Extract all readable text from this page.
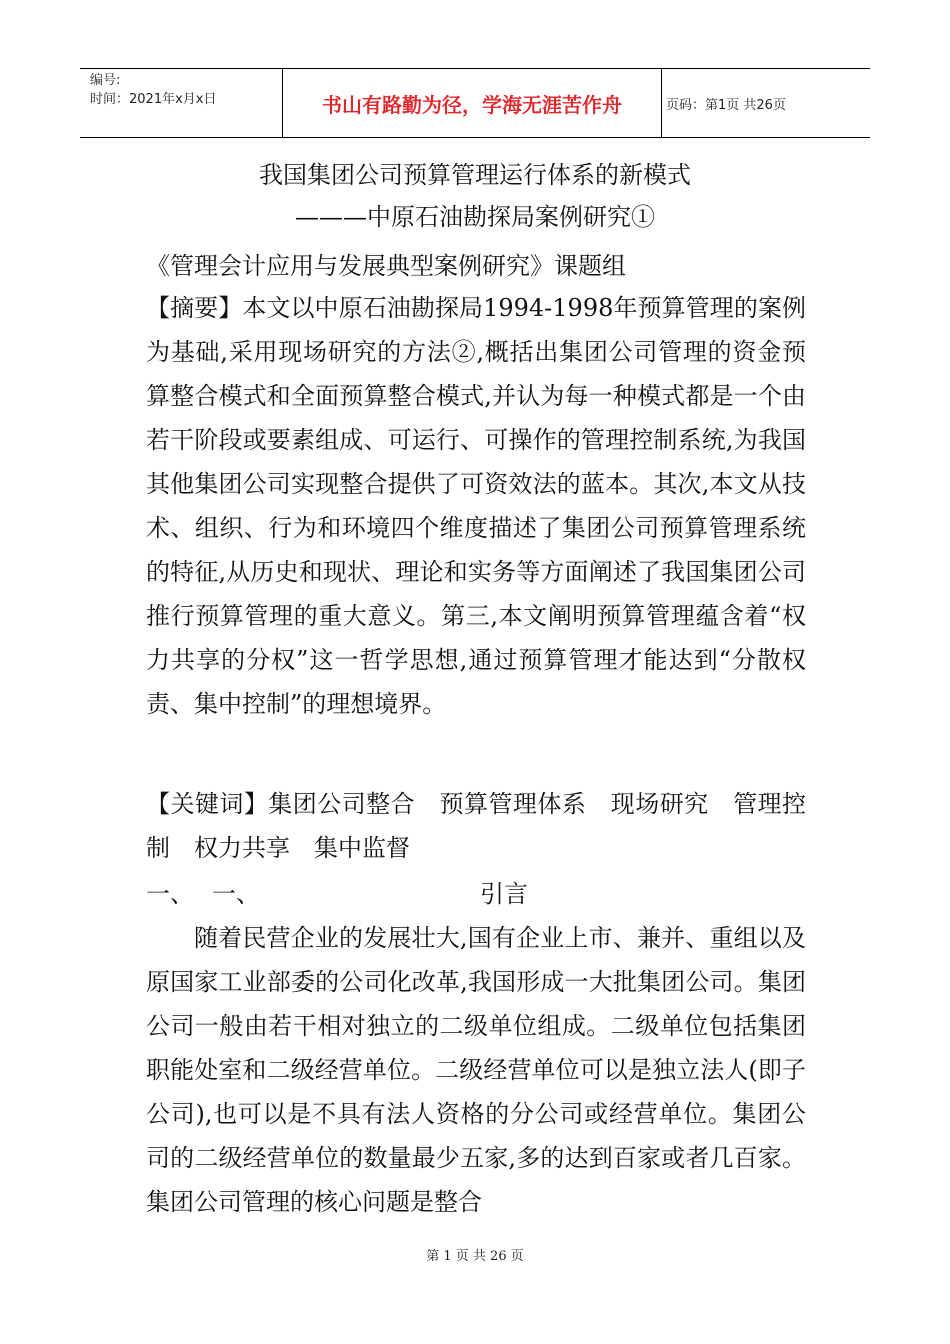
编号:
时间：2021年x月x日	书山有路勤为径，学海无涯苦作舟	页码：第1页 共26页
我国集团公司预算管理运行体系的新模式
———中原石油勘探局案例研究①
《管理会计应用与发展典型案例研究》课题组
【摘要】本文以中原石油勘探局1994-1998年预算管理的案例为基础,采用现场研究的方法②,概括出集团公司管理的资金预算整合模式和全面预算整合模式,并认为每一种模式都是一个由若干阶段或要素组成、可运行、可操作的管理控制系统,为我国其他集团公司实现整合提供了可资效法的蓝本。其次,本文从技术、组织、行为和环境四个维度描述了集团公司预算管理系统的特征,从历史和现状、理论和实务等方面阐述了我国集团公司推行预算管理的重大意义。第三,本文阐明预算管理蕴含着“权力共享的分权”这一哲学思想,通过预算管理才能达到“分散权责、集中控制”的理想境界。
【关键词】集团公司整合　预算管理体系　现场研究　管理控制　权力共享　集中监督
一、 一、	引言
随着民营企业的发展壮大,国有企业上市、兼并、重组以及原国家工业部委的公司化改革,我国形成一大批集团公司。集团公司一般由若干相对独立的二级单位组成。二级单位包括集团职能处室和二级经营单位。二级经营单位可以是独立法人(即子公司),也可以是不具有法人资格的分公司或经营单位。集团公司的二级经营单位的数量最少五家,多的达到百家或者几百家。集团公司管理的核心问题是整合
第 1 页 共 26 页
